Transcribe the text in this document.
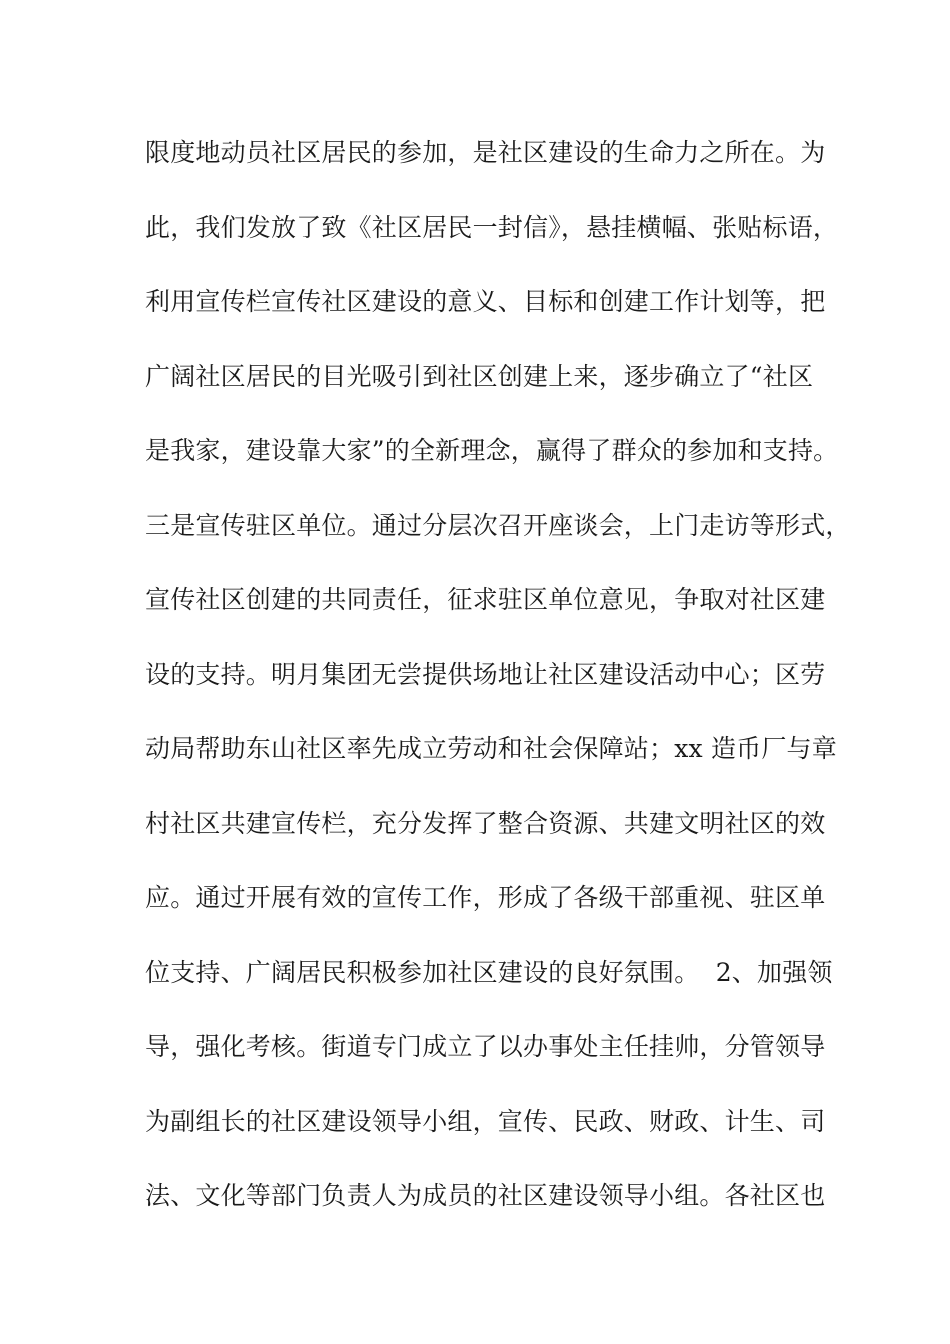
限度地动员社区居民的参加，是社区建设的生命力之所在。为
此，我们发放了致《社区居民一封信》，悬挂横幅、张贴标语，
利用宣传栏宣传社区建设的意义、目标和创建工作计划等，把
广阔社区居民的目光吸引到社区创建上来，逐步确立了“社区
是我家，建设靠大家”的全新理念，赢得了群众的参加和支持。
三是宣传驻区单位。通过分层次召开座谈会，上门走访等形式，
宣传社区创建的共同责任，征求驻区单位意见，争取对社区建
设的支持。明月集团无尝提供场地让社区建设活动中心；区劳
动局帮助东山社区率先成立劳动和社会保障站；xx 造币厂与章
村社区共建宣传栏，充分发挥了整合资源、共建文明社区的效
应。通过开展有效的宣传工作，形成了各级干部重视、驻区单
位支持、广阔居民积极参加社区建设的良好氛围。  2、加强领
导，强化考核。街道专门成立了以办事处主任挂帅，分管领导
为副组长的社区建设领导小组，宣传、民政、财政、计生、司
法、文化等部门负责人为成员的社区建设领导小组。各社区也
